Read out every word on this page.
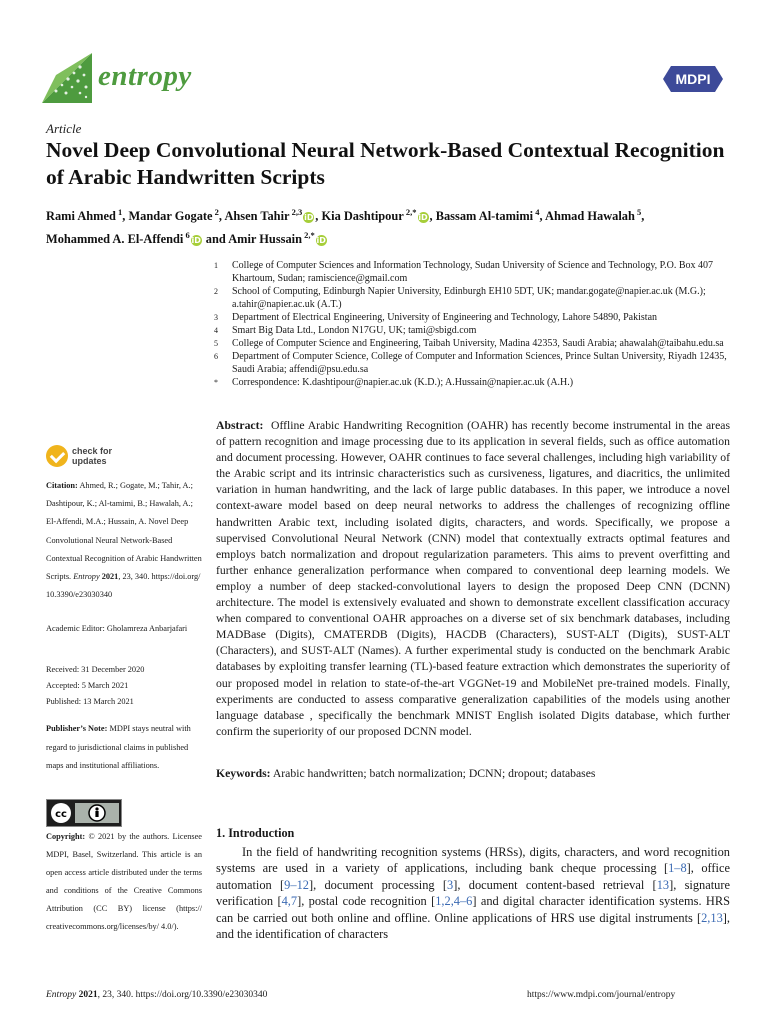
entropy	MDPI
Article
Novel Deep Convolutional Neural Network-Based Contextual Recognition of Arabic Handwritten Scripts
Rami Ahmed $^1$, Mandar Gogate $^2$, Ahsen Tahir $^{2,3}$iD , Kia Dashtipour $^{2,*}$iD , Bassam Al-tamimi $^4$, Ahmad Hawalah $^5$,
Mohammed A. El-Affendi $^6$iD and Amir Hussain $^{2,*}$iD
1	College of Computer Sciences and Information Technology, Sudan University of Science and Technology, P.O. Box 407 Khartoum, Sudan; ramiscience@gmail.com
2	School of Computing, Edinburgh Napier University, Edinburgh EH10 5DT, UK; mandar.gogate@napier.ac.uk (M.G.); a.tahir@napier.ac.uk (A.T.)
3	Department of Electrical Engineering, University of Engineering and Technology, Lahore 54890, Pakistan
4	Smart Big Data Ltd., London N17GU, UK; tami@sbigd.com
5	College of Computer Science and Engineering, Taibah University, Madina 42353, Saudi Arabia; ahawalah@taibahu.edu.sa
6	Department of Computer Science, College of Computer and Information Sciences, Prince Sultan University, Riyadh 12435, Saudi Arabia; affendi@psu.edu.sa
*	Correspondence: K.dashtipour@napier.ac.uk (K.D.); A.Hussain@napier.ac.uk (A.H.)
Abstract: Offline Arabic Handwriting Recognition (OAHR) has recently become instrumental in the areas of pattern recognition and image processing due to its application in several fields, such as office automation and document processing. However, OAHR continues to face several challenges, including high variability of the Arabic script and its intrinsic characteristics such as cursiveness, ligatures, and diacritics, the unlimited variation in human handwriting, and the lack of large public databases. In this paper, we introduce a novel context-aware model based on deep neural networks to address the challenges of recognizing offline handwritten Arabic text, including isolated digits, characters, and words. Specifically, we propose a supervised Convolutional Neural Network (CNN) model that contextually extracts optimal features and employs batch normalization and dropout regularization parameters. This aims to prevent overfitting and further enhance generalization performance when compared to conventional deep learning models. We employ a number of deep stacked-convolutional layers to design the proposed Deep CNN (DCNN) architecture. The model is extensively evaluated and shown to demonstrate excellent classification accuracy when compared to conventional OAHR approaches on a diverse set of six benchmark databases, including MADBase (Digits), CMATERDB (Digits), HACDB (Characters), SUST-ALT (Digits), SUST-ALT (Characters), and SUST-ALT (Names). A further experimental study is conducted on the benchmark Arabic databases by exploiting transfer learning (TL)-based feature extraction which demonstrates the superiority of our proposed model in relation to state-of-the-art VGGNet-19 and MobileNet pre-trained models. Finally, experiments are conducted to assess comparative generalization capabilities of the models using another language database , specifically the benchmark MNIST English isolated Digits database, which further confirm the superiority of our proposed DCNN model.
Keywords: Arabic handwritten; batch normalization; DCNN; dropout; databases
check for
updates
Citation: Ahmed, R.; Gogate, M.; Tahir, A.; Dashtipour, K.; Al-tamimi, B.; Hawalah, A.; El-Affendi, M.A.; Hussain, A. Novel Deep Convolutional Neural Network-Based Contextual Recognition of Arabic Handwritten Scripts. Entropy 2021, 23, 340. https://doi.org/ 10.3390/e23030340
Academic Editor: Gholamreza Anbarjafari
Received: 31 December 2020
Accepted: 5 March 2021
Published: 13 March 2021
Publisher’s Note: MDPI stays neutral with regard to jurisdictional claims in published maps and institutional affiliations.
cc
Copyright: © 2021 by the authors. Licensee MDPI, Basel, Switzerland. This article is an open access article distributed under the terms and conditions of the Creative Commons Attribution (CC BY) license (https:// creativecommons.org/licenses/by/ 4.0/).
1. Introduction
In the field of handwriting recognition systems (HRSs), digits, characters, and word recognition systems are used in a variety of applications, including bank cheque processing [1–8], office automation [9–12], document processing [3], document content-based retrieval [13], signature verification [4,7], postal code recognition [1,2,4–6] and digital character identification systems. HRS can be carried out both online and offline. Online applications of HRS use digital instruments [2,13], and the identification of characters
Entropy 2021, 23, 340. https://doi.org/10.3390/e23030340	https://www.mdpi.com/journal/entropy
